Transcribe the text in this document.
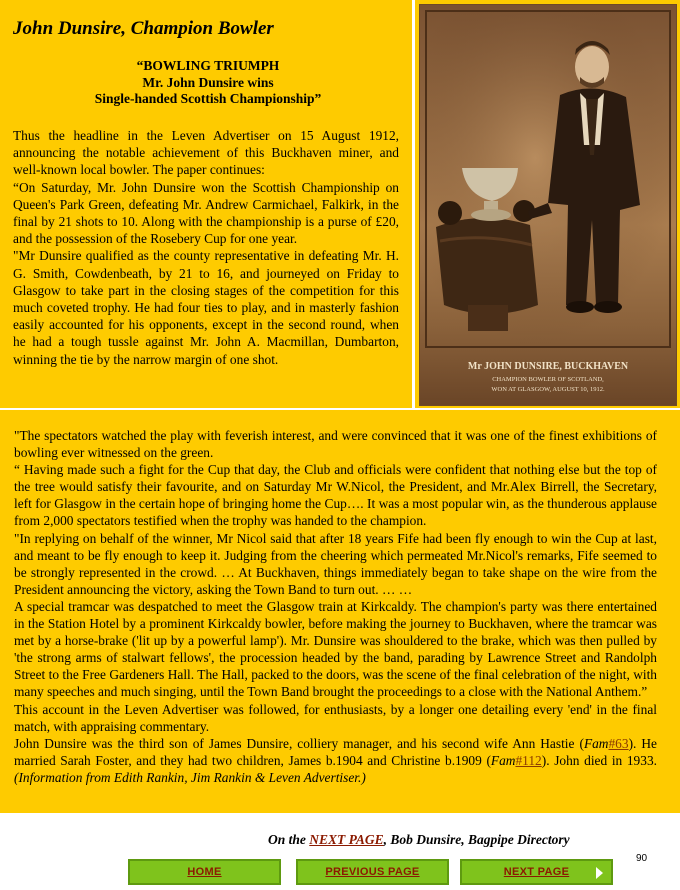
John Dunsire, Champion Bowler
“BOWLING TRIUMPH
Mr. John Dunsire wins
Single-handed Scottish Championship”

Thus the headline in the Leven Advertiser on 15 August 1912, announcing the notable achievement of this Buckhaven miner, and well-known local bowler. The paper continues:

“On Saturday, Mr. John Dunsire won the Scottish Championship on Queen's Park Green, defeating Mr. Andrew Carmichael, Falkirk, in the final by 21 shots to 10. Along with the championship is a purse of £20, and the possession of the Rosebery Cup for one year.

"Mr Dunsire qualified as the county representative in defeating Mr. H. G. Smith, Cowdenbeath, by 21 to 16, and journeyed on Friday to Glasgow to take part in the closing stages of the competition for this much coveted trophy. He had four ties to play, and in masterly fashion easily accounted for his opponents, except in the second round, when he had a tough tussle against Mr. John A. Macmillan, Dumbarton, winning the tie by the narrow margin of one shot.	Mr JOHN DUNSIRE, BUCKHAVEN
CHAMPION BOWLER OF SCOTLAND,
WON AT GLASGOW, AUGUST 10, 1912.

"The spectators watched the play with feverish interest, and were convinced that it was one of the finest exhibitions of bowling ever witnessed on the green.

“ Having made such a fight for the Cup that day, the Club and officials were confident that nothing else but the top of the tree would satisfy their favourite, and on Saturday Mr W.Nicol, the President, and Mr.Alex Birrell, the Secretary, left for Glasgow in the certain hope of bringing home the Cup…. It was a most popular win, as the thunderous applause from 2,000 spectators testified when the trophy was handed to the champion.

"In replying on behalf of the winner, Mr Nicol said that after 18 years Fife had been fly enough to win the Cup at last, and meant to be fly enough to keep it. Judging from the cheering which permeated Mr.Nicol's remarks, Fife seemed to be strongly represented in the crowd. … At Buckhaven, things immediately began to take shape on the wire from the President announcing the victory, asking the Town Band to turn out. … …

A special tramcar was despatched to meet the Glasgow train at Kirkcaldy. The champion's party was there entertained in the Station Hotel by a prominent Kirkcaldy bowler, before making the journey to Buckhaven, where the tramcar was met by a horse-brake ('lit up by a powerful lamp'). Mr. Dunsire was shouldered to the brake, which was then pulled by 'the strong arms of stalwart fellows', the procession headed by the band, parading by Lawrence Street and Randolph Street to the Free Gardeners Hall. The Hall, packed to the doors, was the scene of the final celebration of the night, with many speeches and much singing, until the Town Band brought the proceedings to a close with the National Anthem.”

This account in the Leven Advertiser was followed, for enthusiasts, by a longer one detailing every 'end' in the final match, with appraising commentary.

John Dunsire was the third son of James Dunsire, colliery manager, and his second wife Ann Hastie (Fam#63). He married Sarah Foster, and they had two children, James b.1904 and Christine b.1909 (Fam#112). John died in 1933. (Information from Edith Rankin, Jim Rankin & Leven Advertiser.)

On the NEXT PAGE, Bob Dunsire, Bagpipe Directory
90
HOME	PREVIOUS PAGE	NEXT PAGE
